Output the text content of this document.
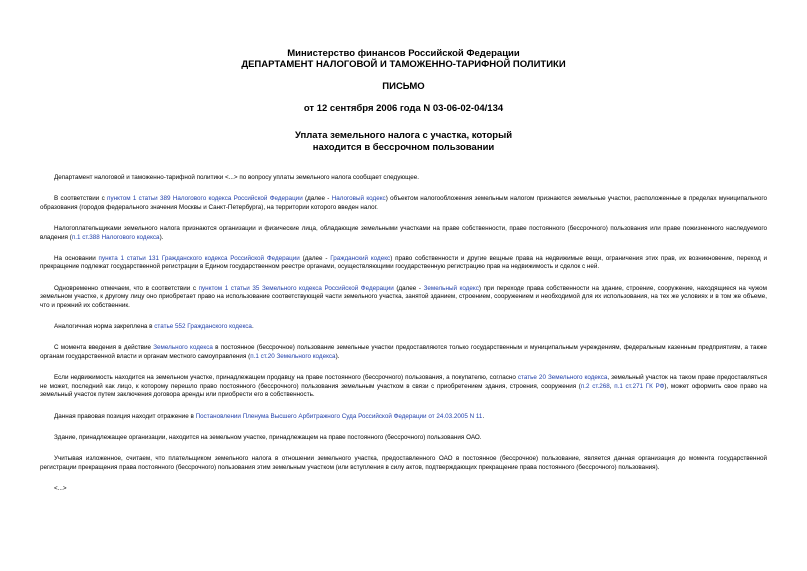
Министерство финансов Российской Федерации
ДЕПАРТАМЕНТ НАЛОГОВОЙ И ТАМОЖЕННО-ТАРИФНОЙ ПОЛИТИКИ
ПИСЬМО
от 12 сентября 2006 года N 03-06-02-04/134
Уплата земельного налога с участка, который
находится в бессрочном пользовании

Департамент налоговой и таможенно-тарифной политики <...> по вопросу уплаты земельного налога сообщает следующее.

В соответствии с пунктом 1 статьи 389 Налогового кодекса Российской Федерации (далее - Налоговый кодекс) объектом налогообложения земельным налогом признаются земельные участки, расположенные в пределах муниципального образования (городов федерального значения Москвы и Санкт-Петербурга), на территории которого введен налог.

Налогоплательщиками земельного налога признаются организации и физические лица, обладающие земельными участками на праве собственности, праве постоянного (бессрочного) пользования или праве пожизненного наследуемого владения (п.1 ст.388 Налогового кодекса).

На основании пункта 1 статьи 131 Гражданского кодекса Российской Федерации (далее - Гражданский кодекс) право собственности и другие вещные права на недвижимые вещи, ограничения этих прав, их возникновение, переход и прекращение подлежат государственной регистрации в Едином государственном реестре органами, осуществляющими государственную регистрацию прав на недвижимость и сделок с ней.

Одновременно отмечаем, что в соответствии с пунктом 1 статьи 35 Земельного кодекса Российской Федерации (далее - Земельный кодекс) при переходе права собственности на здание, строение, сооружение, находящиеся на чужом земельном участке, к другому лицу оно приобретает право на использование соответствующей части земельного участка, занятой зданием, строением, сооружением и необходимой для их использования, на тех же условиях и в том же объеме, что и прежний их собственник.

Аналогичная норма закреплена в статье 552 Гражданского кодекса.

С момента введения в действие Земельного кодекса в постоянное (бессрочное) пользование земельные участки предоставляются только государственным и муниципальным учреждениям, федеральным казенным предприятиям, а также органам государственной власти и органам местного самоуправления (п.1 ст.20 Земельного кодекса).

Если недвижимость находится на земельном участке, принадлежащем продавцу на праве постоянного (бессрочного) пользования, а покупателю, согласно статье 20 Земельного кодекса, земельный участок на таком праве предоставляться не может, последний как лицо, к которому перешло право постоянного (бессрочного) пользования земельным участком в связи с приобретением здания, строения, сооружения (п.2 ст.268, п.1 ст.271 ГК РФ), может оформить свое право на земельный участок путем заключения договора аренды или приобрести его в собственность.

Данная правовая позиция находит отражение в Постановлении Пленума Высшего Арбитражного Суда Российской Федерации от 24.03.2005 N 11.

Здание, принадлежащее организации, находится на земельном участке, принадлежащем на праве постоянного (бессрочного) пользования ОАО.

Учитывая изложенное, считаем, что плательщиком земельного налога в отношении земельного участка, предоставленного ОАО в постоянное (бессрочное) пользование, является данная организация до момента государственной регистрации прекращения права постоянного (бессрочного) пользования этим земельным участком (или вступления в силу актов, подтверждающих прекращение права постоянного (бессрочного) пользования).

<...>
